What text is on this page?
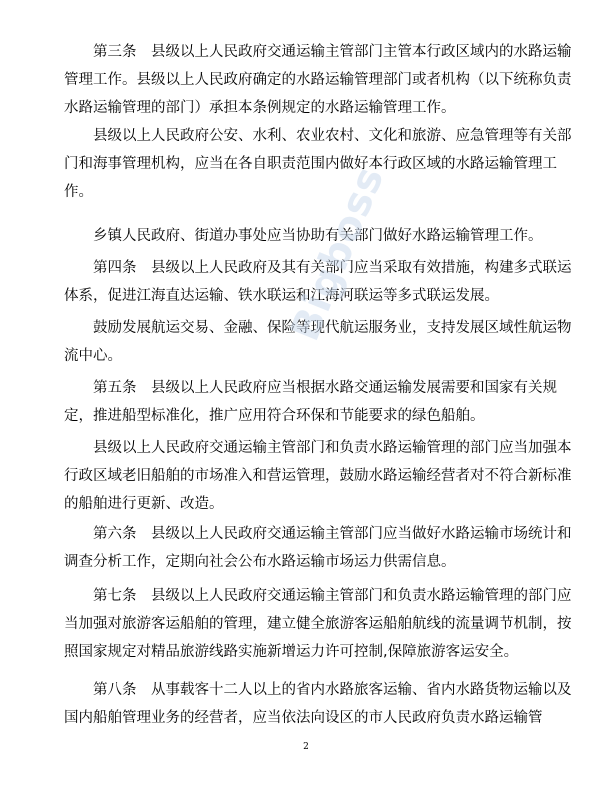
　　第三条　县级以上人民政府交通运输主管部门主管本行政区域内的水路运输管理工作。县级以上人民政府确定的水路运输管理部门或者机构（以下统称负责水路运输管理的部门）承担本条例规定的水路运输管理工作。

　　县级以上人民政府公安、水利、农业农村、文化和旅游、应急管理等有关部门和海事管理机构，应当在各自职责范围内做好本行政区域的水路运输管理工作。

　　乡镇人民政府、街道办事处应当协助有关部门做好水路运输管理工作。

　　第四条　县级以上人民政府及其有关部门应当采取有效措施，构建多式联运体系，促进江海直达运输、铁水联运和江海河联运等多式联运发展。

　　鼓励发展航运交易、金融、保险等现代航运服务业，支持发展区域性航运物流中心。

　　第五条　县级以上人民政府应当根据水路交通运输发展需要和国家有关规定，推进船型标准化，推广应用符合环保和节能要求的绿色船舶。

　　县级以上人民政府交通运输主管部门和负责水路运输管理的部门应当加强本行政区域老旧船舶的市场准入和营运管理，鼓励水路运输经营者对不符合新标准的船舶进行更新、改造。

　　第六条　县级以上人民政府交通运输主管部门应当做好水路运输市场统计和调查分析工作，定期向社会公布水路运输市场运力供需信息。

　　第七条　县级以上人民政府交通运输主管部门和负责水路运输管理的部门应当加强对旅游客运船舶的管理，建立健全旅游客运船舶航线的流量调节机制，按照国家规定对精品旅游线路实施新增运力许可控制,保障旅游客运安全。

　　第八条　从事载客十二人以上的省内水路旅客运输、省内水路货物运输以及国内船舶管理业务的经营者，应当依法向设区的市人民政府负责水路运输管

Bigboss
2
